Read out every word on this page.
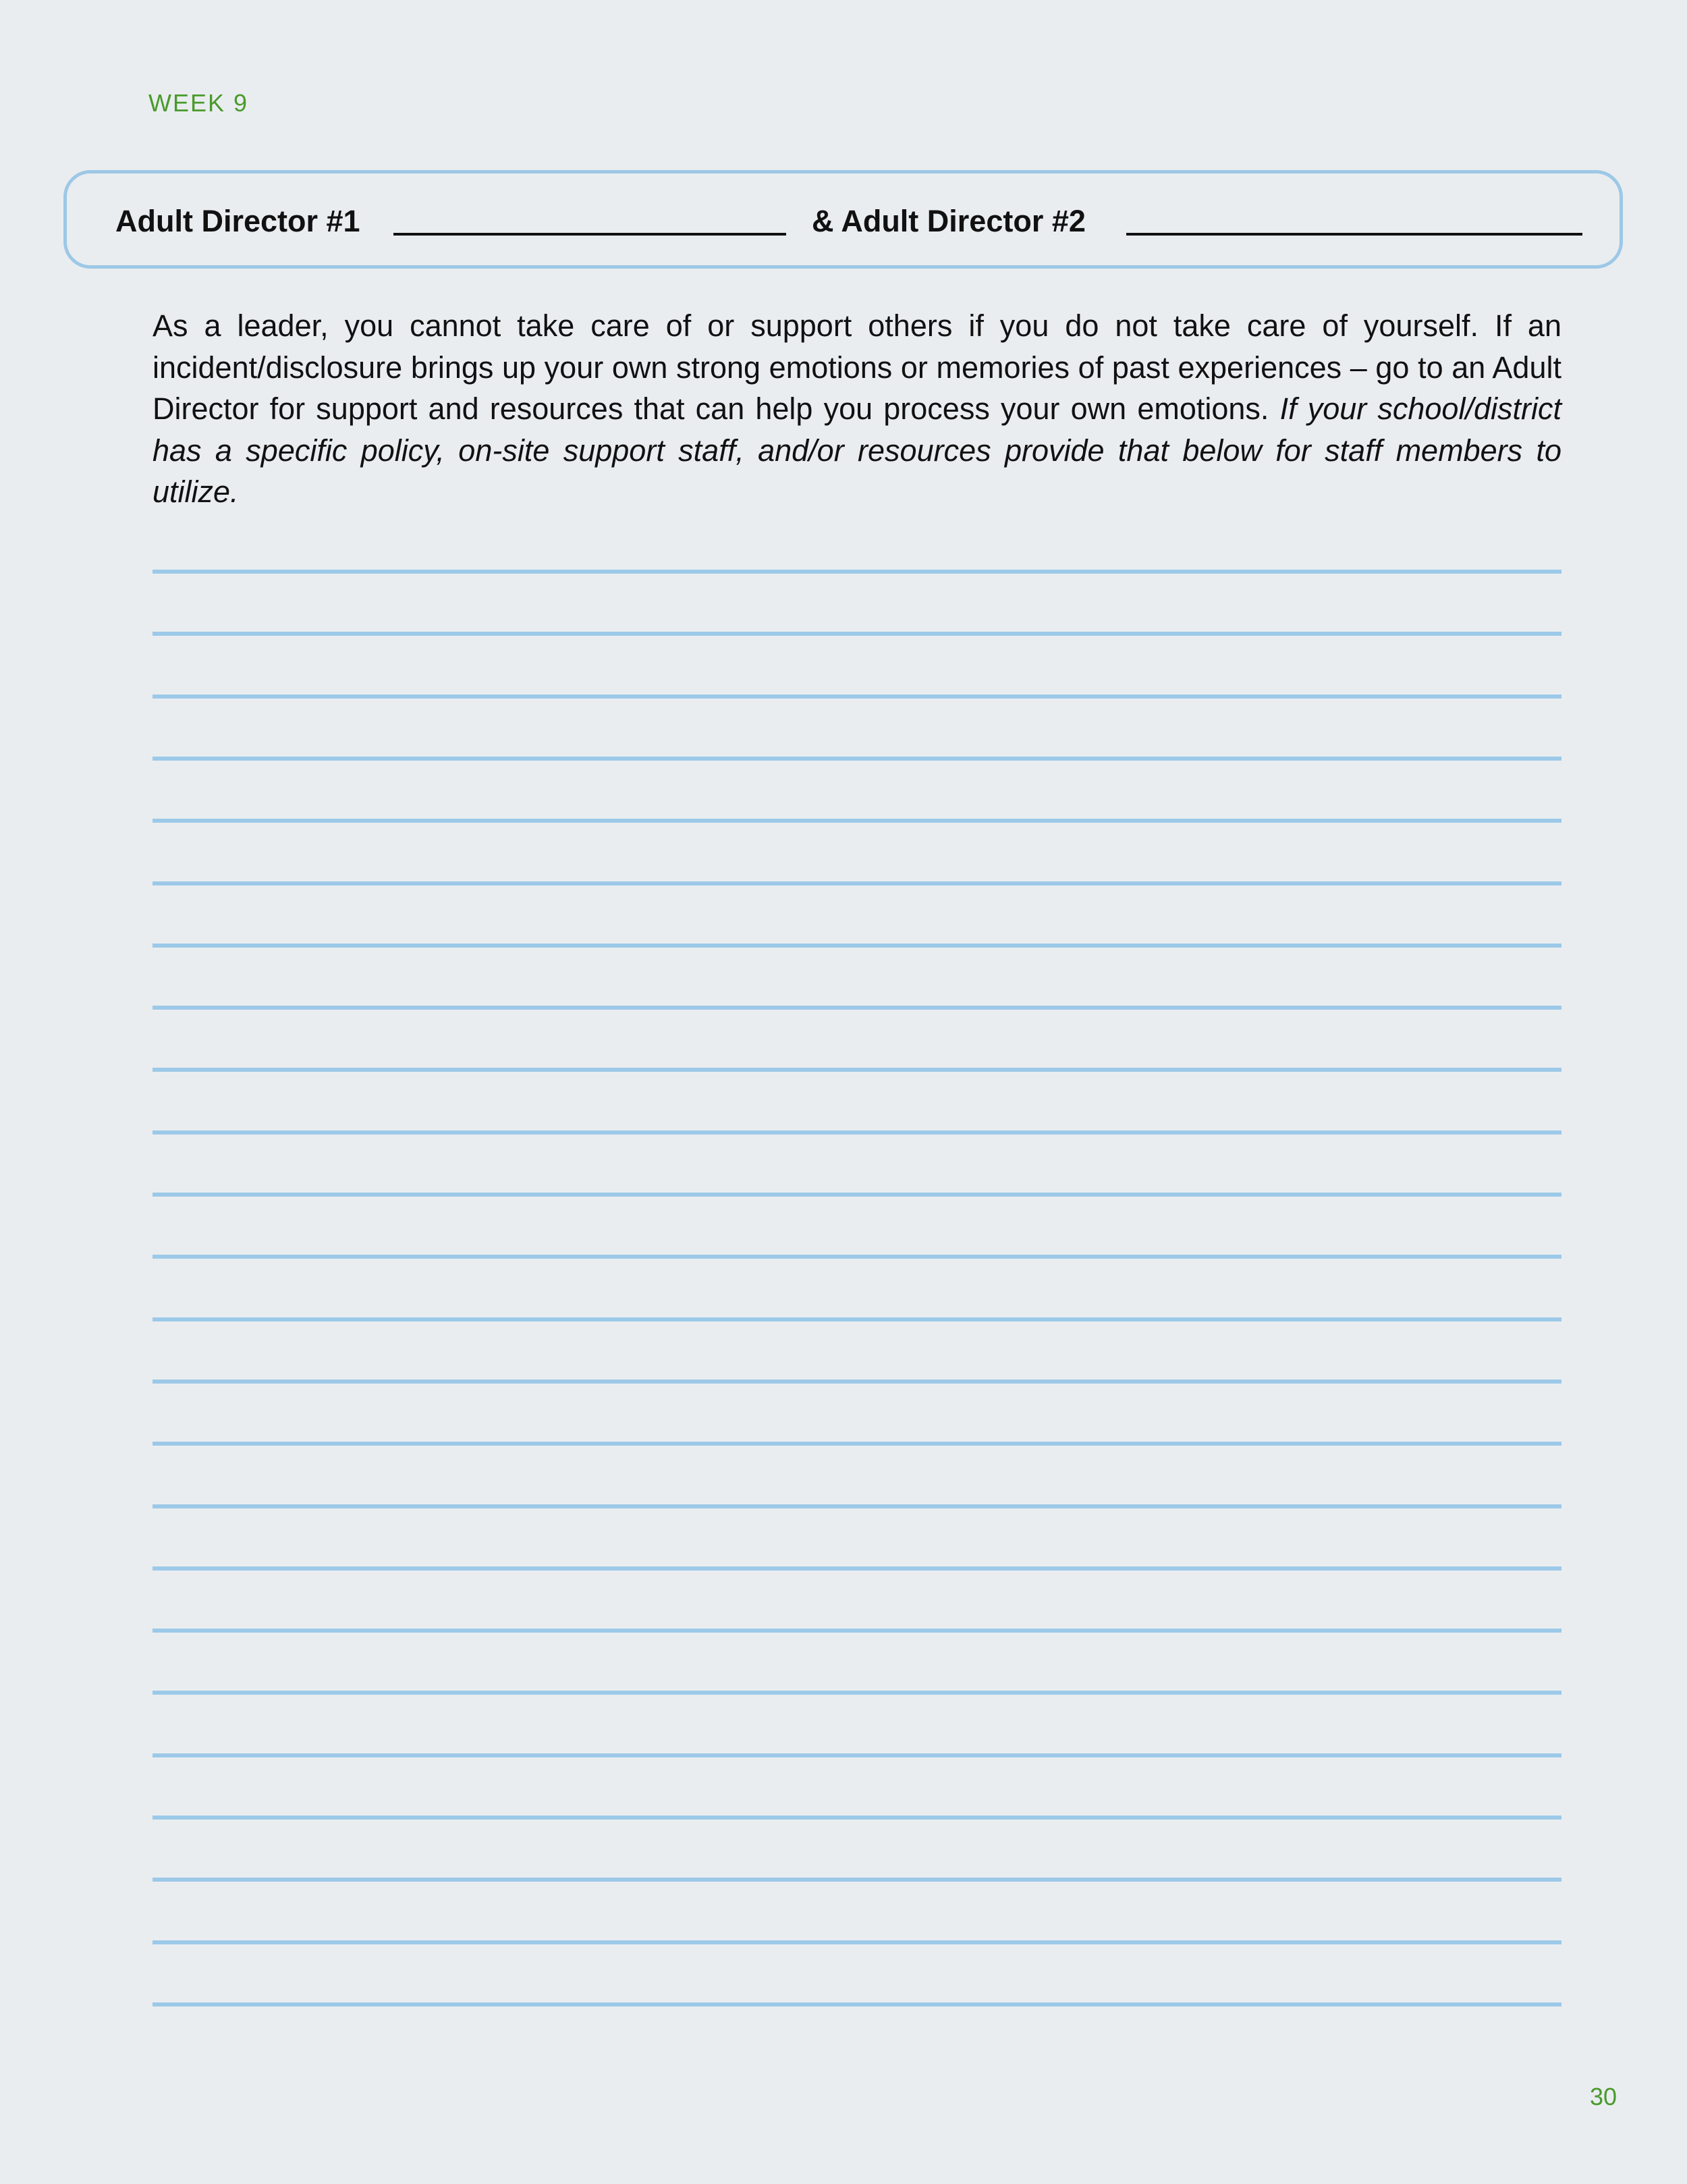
WEEK 9
Adult Director #1	& Adult Director #2

As a leader, you cannot take care of or support others if you do not take care of yourself. If an incident/disclosure brings up your own strong emotions or memories of past experiences – go to an Adult Director for support and resources that can help you process your own emotions. If your school/district has a specific policy, on-site support staff, and/or resources provide that below for staff members to utilize.

30
